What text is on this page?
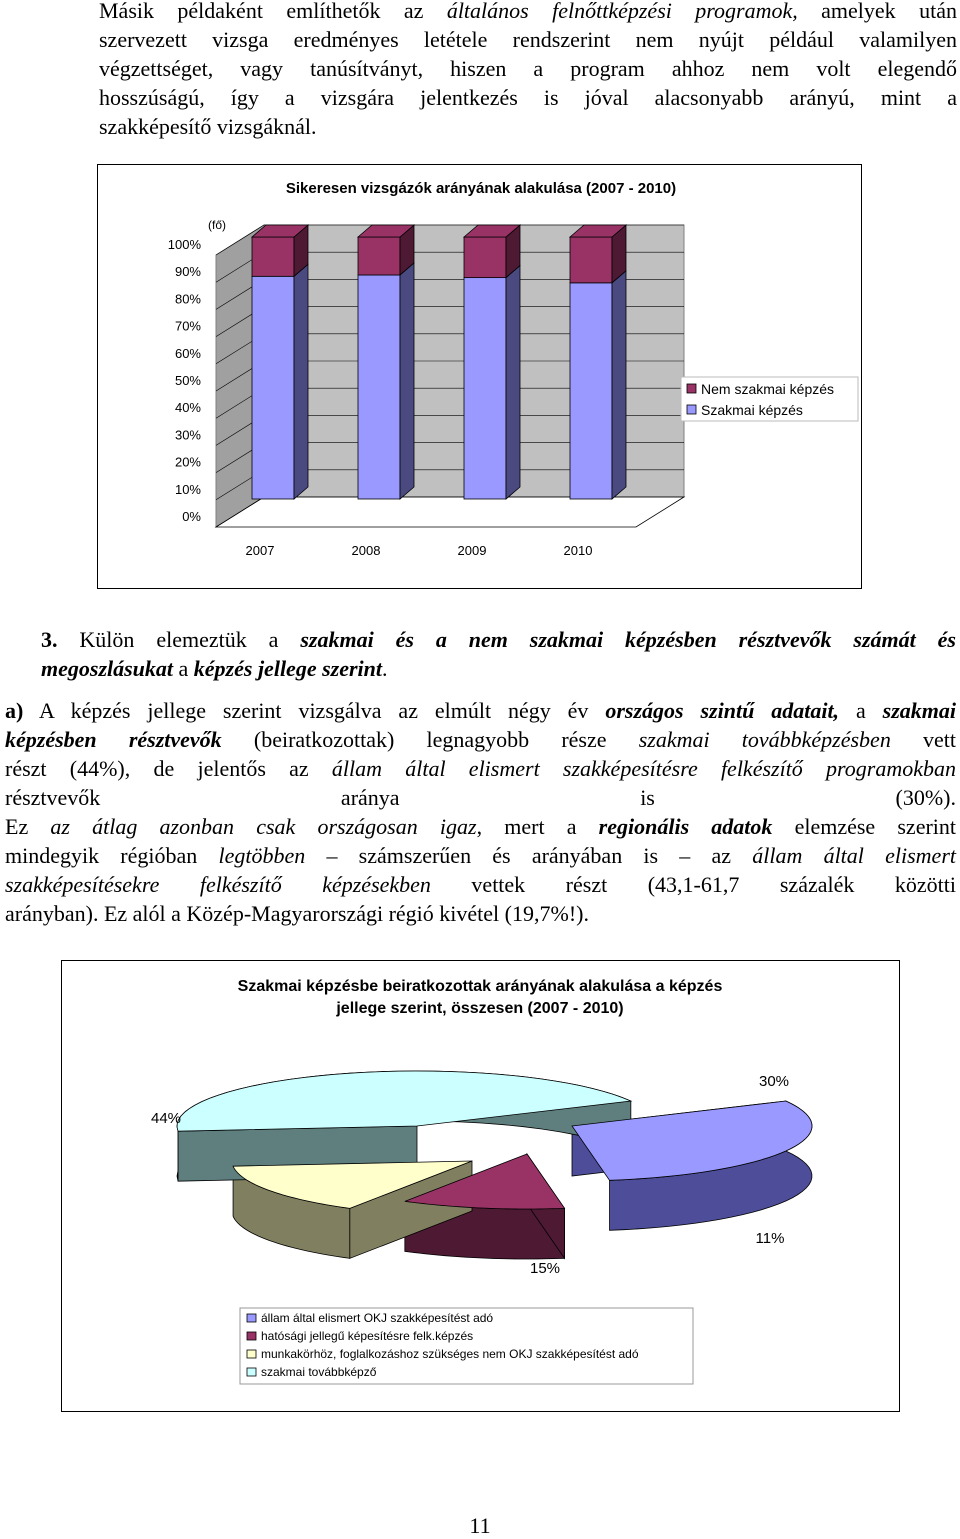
Másik példaként említhetők az általános felnőttképzési programok, amelyek után
szervezett vizsga eredményes letétele rendszerint nem nyújt például valamilyen
végzettséget, vagy tanúsítványt, hiszen a program ahhoz nem volt elegendő
hosszúságú, így a vizsgára jelentkezés is jóval alacsonyabb arányú, mint a
szakképesítő vizsgáknál.
Sikeresen vizsgázók arányának alakulása (2007 - 2010)
(fő)
100%
90%
80%
70%
60%
50%
40%
30%
20%
10%
0%
2007	2008	2009	2010
Nem szakmai képzés
Szakmai képzés
3. Külön elemeztük a szakmai és a nem szakmai képzésben résztvevők számát és
megoszlásukat a képzés jellege szerint.
a) A képzés jellege szerint vizsgálva az elmúlt négy év országos szintű adatait, a szakmai
képzésben résztvevők (beiratkozottak) legnagyobb része szakmai továbbképzésben vett
részt (44%), de jelentős az állam által elismert szakképesítésre felkészítő programokban
résztvevők aránya is (30%).
Ez az átlag azonban csak országosan igaz, mert a regionális adatok elemzése szerint
mindegyik régióban legtöbben – számszerűen és arányában is – az állam által elismert
szakképesítésekre felkészítő képzésekben vettek részt (43,1-61,7 százalék közötti
arányban). Ez alól a Közép-Magyarországi régió kivétel (19,7%!).
Szakmai képzésbe beiratkozottak arányának alakulása a képzés
jellege szerint, összesen (2007 - 2010)
30%
11%
15%
44%
állam által elismert OKJ szakképesítést adó
hatósági jellegű képesítésre felk.képzés
munkakörhöz, foglalkozáshoz szükséges nem OKJ szakképesítést adó
szakmai továbbképző
11
